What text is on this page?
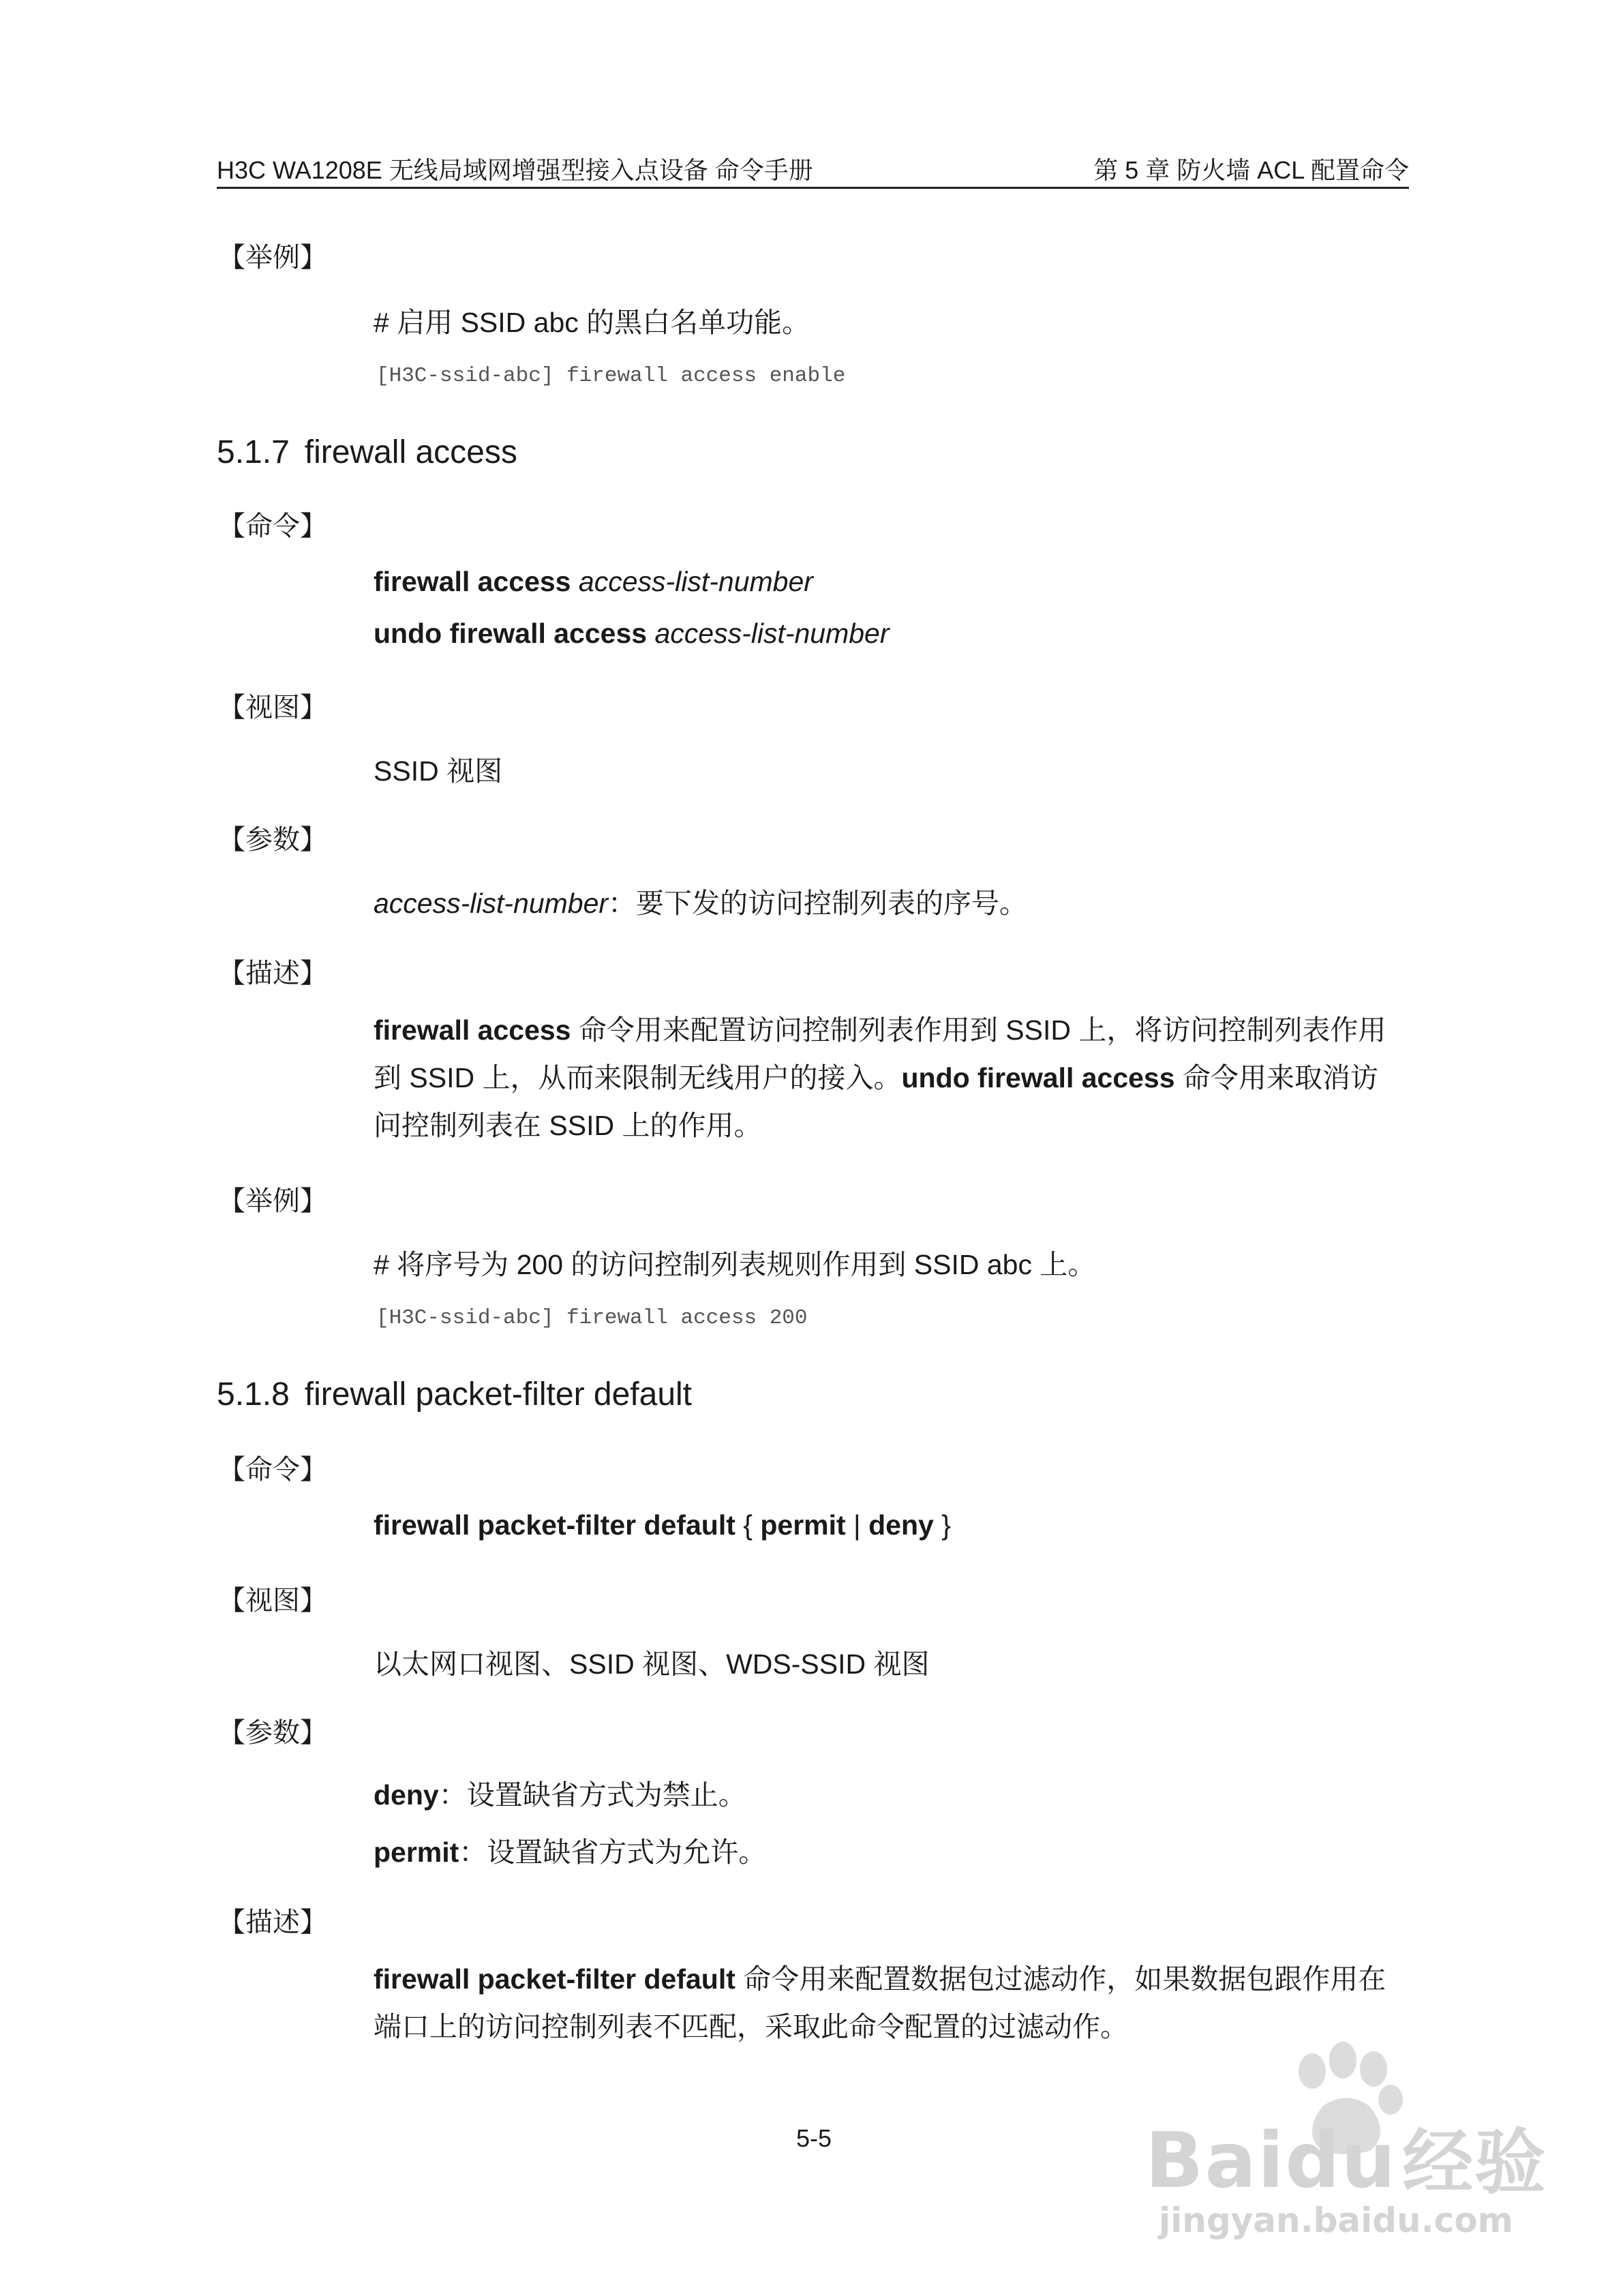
H3C WA1208E 无线局域网增强型接入点设备 命令手册	第 5 章 防火墙 ACL 配置命令
【举例】
# 启用 SSID abc 的黑白名单功能。
[H3C-ssid-abc] firewall access enable
5.1.7 firewall access
【命令】
firewall access access-list-number
undo firewall access access-list-number
【视图】
SSID 视图
【参数】
access-list-number：要下发的访问控制列表的序号。
【描述】

firewall access 命令用来配置访问控制列表作用到 SSID 上，将访问控制列表作用

到 SSID 上，从而来限制无线用户的接入。undo firewall access 命令用来取消访

问控制列表在 SSID 上的作用。

【举例】
# 将序号为 200 的访问控制列表规则作用到 SSID abc 上。
[H3C-ssid-abc] firewall access 200
5.1.8 firewall packet-filter default
【命令】
firewall packet-filter default { permit | deny }
【视图】
以太网口视图、SSID 视图、WDS-SSID 视图
【参数】
deny：设置缺省方式为禁止。
permit：设置缺省方式为允许。
【描述】

firewall packet-filter default 命令用来配置数据包过滤动作，如果数据包跟作用在

端口上的访问控制列表不匹配，采取此命令配置的过滤动作。

5-5	Baidu经验
jingyan.baidu.com
